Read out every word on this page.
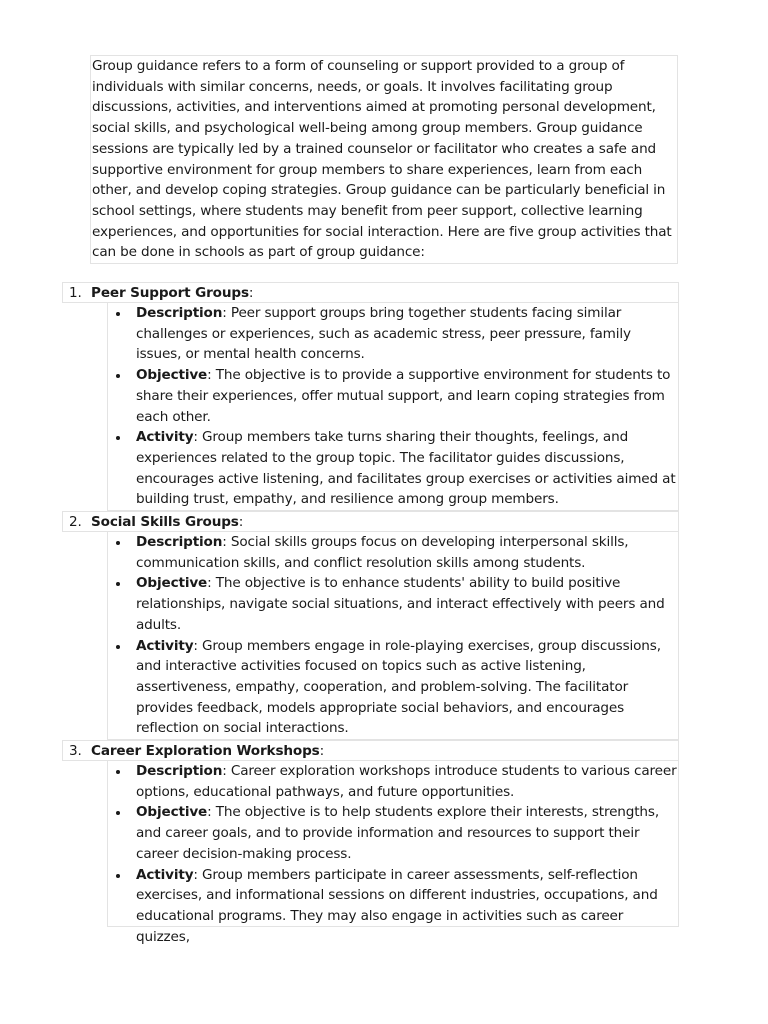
Group guidance refers to a form of counseling or support provided to a group of individuals with similar concerns, needs, or goals. It involves facilitating group discussions, activities, and interventions aimed at promoting personal development, social skills, and psychological well-being among group members. Group guidance sessions are typically led by a trained counselor or facilitator who creates a safe and supportive environment for group members to share experiences, learn from each other, and develop coping strategies. Group guidance can be particularly beneficial in school settings, where students may benefit from peer support, collective learning experiences, and opportunities for social interaction. Here are five group activities that can be done in schools as part of group guidance:
1. Peer Support Groups:
Description: Peer support groups bring together students facing similar challenges or experiences, such as academic stress, peer pressure, family issues, or mental health concerns.
Objective: The objective is to provide a supportive environment for students to share their experiences, offer mutual support, and learn coping strategies from each other.
Activity: Group members take turns sharing their thoughts, feelings, and experiences related to the group topic. The facilitator guides discussions, encourages active listening, and facilitates group exercises or activities aimed at building trust, empathy, and resilience among group members.
2. Social Skills Groups:
Description: Social skills groups focus on developing interpersonal skills, communication skills, and conflict resolution skills among students.
Objective: The objective is to enhance students' ability to build positive relationships, navigate social situations, and interact effectively with peers and adults.
Activity: Group members engage in role-playing exercises, group discussions, and interactive activities focused on topics such as active listening, assertiveness, empathy, cooperation, and problem-solving. The facilitator provides feedback, models appropriate social behaviors, and encourages reflection on social interactions.
3. Career Exploration Workshops:
Description: Career exploration workshops introduce students to various career options, educational pathways, and future opportunities.
Objective: The objective is to help students explore their interests, strengths, and career goals, and to provide information and resources to support their career decision-making process.
Activity: Group members participate in career assessments, self-reflection exercises, and informational sessions on different industries, occupations, and educational programs. They may also engage in activities such as career quizzes,
